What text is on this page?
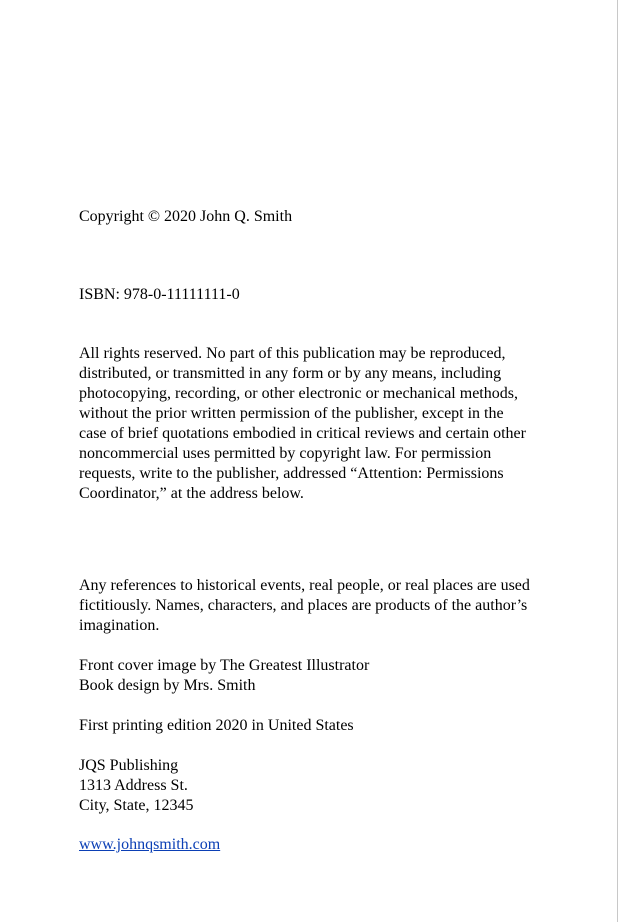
Copyright © 2020 John Q. Smith

ISBN: 978-0-11111111-0

All rights reserved. No part of this publication may be reproduced,
distributed, or transmitted in any form or by any means, including
photocopying, recording, or other electronic or mechanical methods,
without the prior written permission of the publisher, except in the
case of brief quotations embodied in critical reviews and certain other
noncommercial uses permitted by copyright law. For permission
requests, write to the publisher, addressed “Attention: Permissions
Coordinator,” at the address below.
Any references to historical events, real people, or real places are used
fictitiously. Names, characters, and places are products of the author’s
imagination.
Front cover image by The Greatest Illustrator
Book design by Mrs. Smith

First printing edition 2020 in United States

JQS Publishing
1313 Address St.
City, State, 12345
www.johnqsmith.com
